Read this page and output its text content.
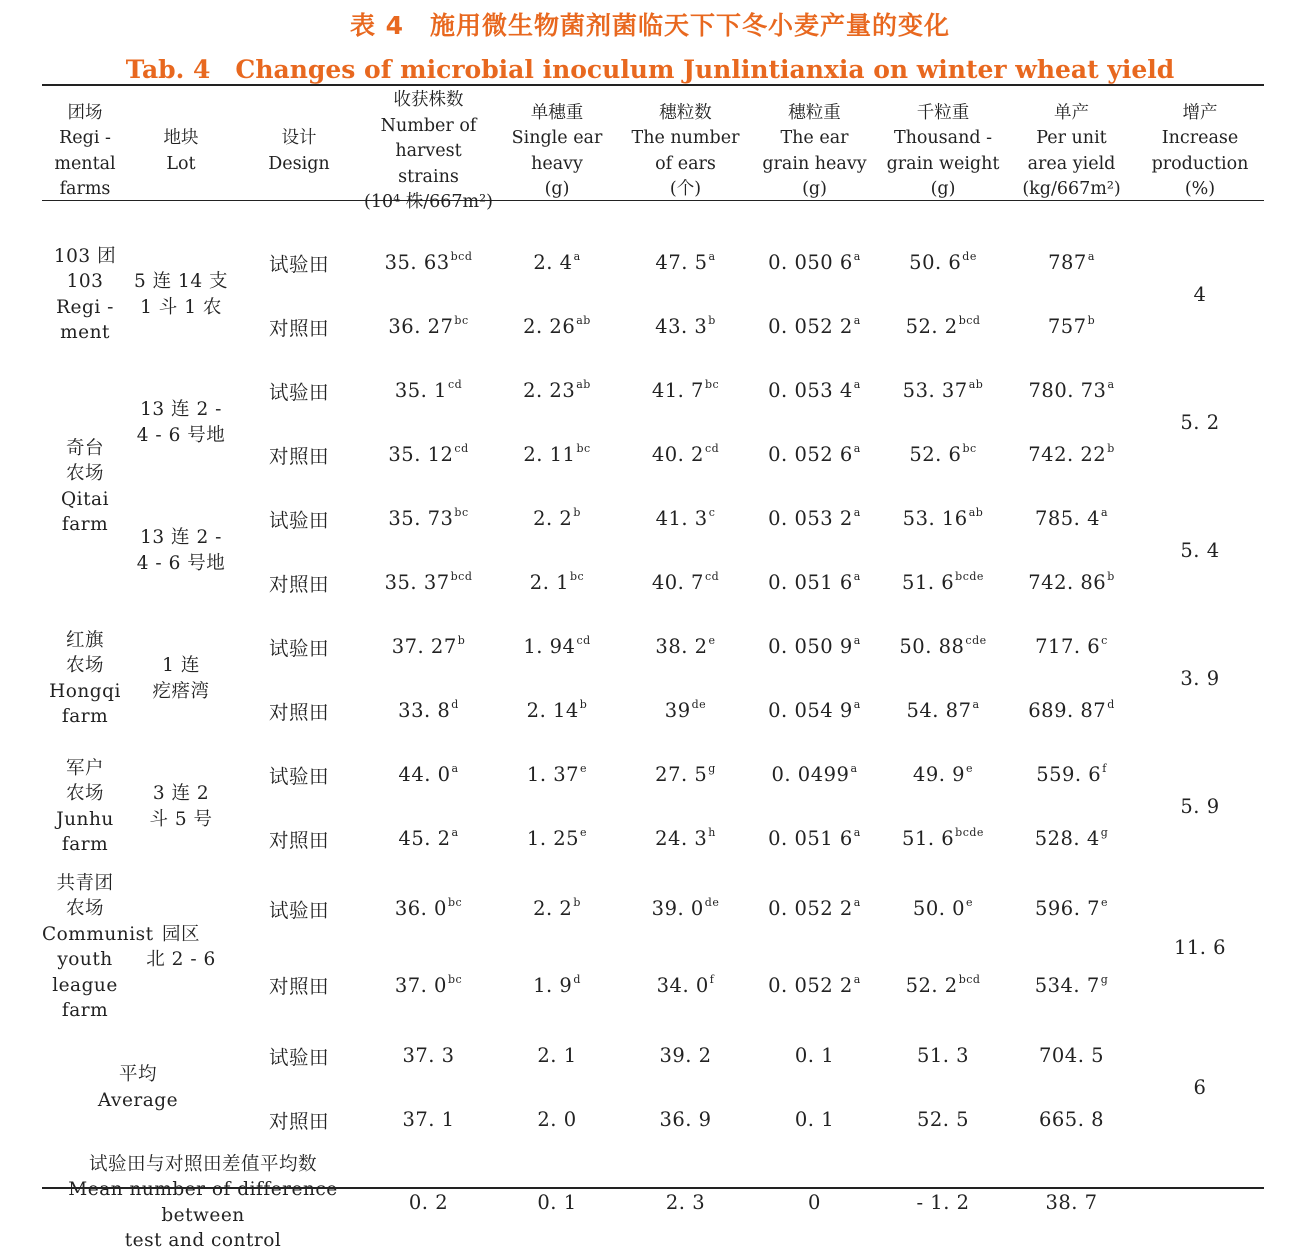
表 4　施用微生物菌剂菌临天下下冬小麦产量的变化
Tab. 4　Changes of microbial inoculum Junlintianxia on winter wheat yield
团场
Regi -
mental
farms	地块
Lot	设计
Design	收获株数
Number of
harvest strains
(10⁴ 株/667m²)	单穗重
Single ear
heavy
(g)	穗粒数
The number
of ears
(个)	穗粒重
The ear
grain heavy
(g)	千粒重
Thousand -
grain weight
(g)	单产
Per unit
area yield
(kg/667m²)	增产
Increase
production
(%)

103 团
103
Regi -
ment	5 连 14 支
1 斗 1 农	试验田	35. $63^{bcd}$	2. 4$^a$	47. 5$^a$	0. 050 6$^a$	50. 6de	787$^a$	4
		对照田	36. $27^{bc}$	2. $26^{ab}$	43. 3$^b$	0. 052 2$^a$	52. $2^{bcd}$	757$^b$
奇台
农场
Qitai
farm	13 连 2 -
4 - 6 号地	试验田	35. $1^{cd}$	2. $23^{ab}$	41. $7^{bc}$	0. 053 4$^a$	53. $37^{ab}$	780. 73$^a$	5. 2
		对照田	35. $12^{cd}$	2. $11^{bc}$	40. $2^{cd}$	0. 052 6$^a$	52. $6^{bc}$	742. 22$^b$
	13 连 2 -
4 - 6 号地	试验田	35. $73^{bc}$	2. 2$^b$	41. 3$^c$	0. 053 2$^a$	53. $16^{ab}$	785. 4$^a$	5. 4
		对照田	35. $37^{bcd}$	2. $1^{bc}$	40. $7^{cd}$	0. 051 6$^a$	51. $6^{bcde}$	742. 86$^b$
红旗
农场
Hongqi
farm	1 连
疙瘩湾	试验田	37. 27$^b$	1. $94^{cd}$	38. 2e	0. 050 9$^a$	50. $88^{cde}$	717. 6$^c$	3. 9
		对照田	33. 8$^d$	2. 14$^b$	39de	0. 054 9$^a$	54. 87$^a$	689. 87$^d$
军户
农场
Junhu
farm	3 连 2
斗 5 号	试验田	44. 0$^a$	1. 37e	27. 5$^g$	0. 0499$^a$	49. 9e	559. 6$^f$	5. 9
		对照田	45. 2$^a$	1. 25e	24. 3$^h$	0. 051 6$^a$	51. $6^{bcde}$	528. 4$^g$
共青团
农场
Communist
youth
league farm	园区
北 2 - 6	试验田	36. $0^{bc}$	2. 2$^b$	39. 0de	0. 052 2$^a$	50. 0e	596. 7e	11. 6
		对照田	37. $0^{bc}$	1. 9$^d$	34. 0$^f$	0. 052 2$^a$	52. $2^{bcd}$	534. 7$^g$
平均
Average		试验田	37. 3	2. 1	39. 2	0. 1	51. 3	704. 5	6
		对照田	37. 1	2. 0	36. 9	0. 1	52. 5	665. 8	
试验田与对照田差值平均数
Mean number of difference between
test and control			0. 2	0. 1	2. 3	0	- 1. 2	38. 7	
